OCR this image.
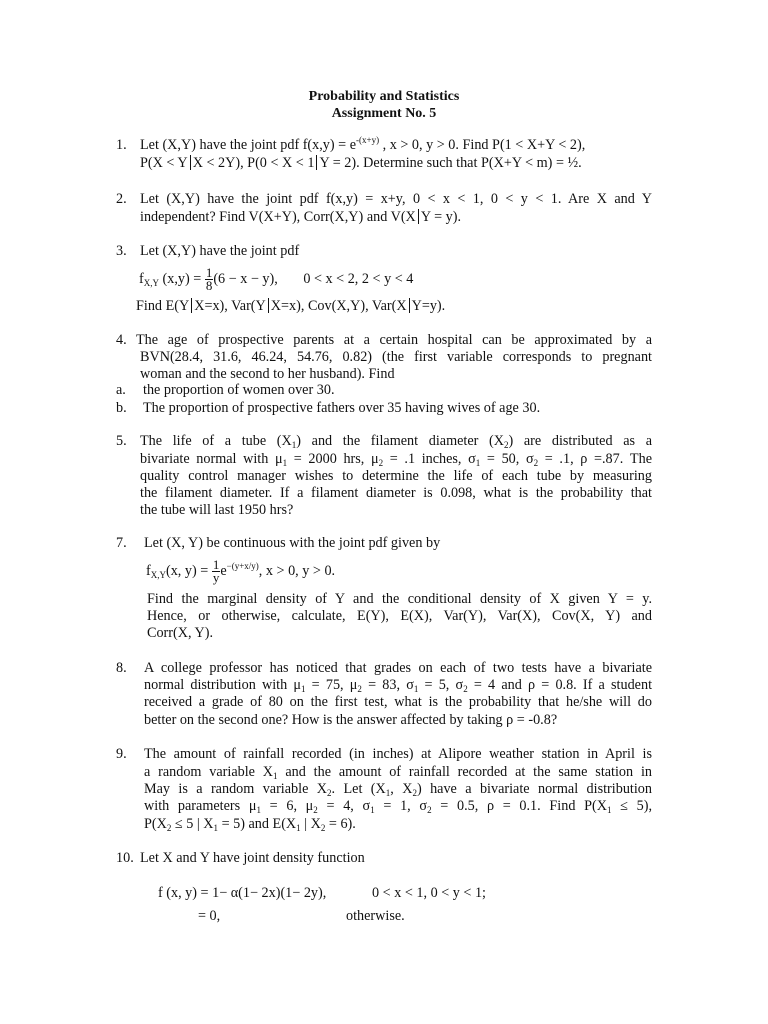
Probability and Statistics
Assignment No. 5
1. Let (X,Y) have the joint pdf $f(x,y) = e^{-(x+y)}$ , x > 0, y > 0. Find P(1 < X+Y < 2),
P(X < Y X < 2Y), P(0 < X < 1 Y = 2). Determine such that P(X+Y < m) = ½.
2. Let (X,Y) have the joint pdf f(x,y) = x+y, 0 < x < 1, 0 < y < 1. Are X and Y
independent? Find V(X+Y), Corr(X,Y) and V(X Y = y).
3. Let (X,Y) have the joint pdf
$f_{X,Y}$ $(x,y) = \frac{1}{8} (6 - x - y)$, 0 < x < 2, 2 < y < 4
Find E(Y X=x), Var(Y X=x), Cov(X,Y), Var(X Y=y).
4. The age of prospective parents at a certain hospital can be approximated by a
BVN(28.4, 31.6, 46.24, 54.76, 0.82) (the first variable corresponds to pregnant
woman and the second to her husband). Find
a. the proportion of women over 30.
b. The proportion of prospective fathers over 35 having wives of age 30.
5. The life of a tube $(X_1)$ and the filament diameter $(X_2)$ are distributed as a
bivariate normal with $\mu_1 = 2000$ hrs, $\mu_2 = .1$ inches, $\sigma_1 = 50$, $\sigma_2 = .1$, ρ =.87. The
quality control manager wishes to determine the life of each tube by measuring
the filament diameter. If a filament diameter is 0.098, what is the probability that
the tube will last 1950 hrs?
7. Let (X, Y) be continuous with the joint pdf given by
$f_{X,Y}(x$, $y) = \frac{1}{y} e^{-(y+x/y)}$, x > 0, y > 0.
Find the marginal density of Y and the conditional density of X given Y = y.
Hence, or otherwise, calculate, E(Y), E(X), Var(Y), Var(X), Cov(X, Y) and
Corr(X, Y).
8. A college professor has noticed that grades on each of two tests have a bivariate
normal distribution with $\mu_1 = 75$, $\mu_2 = 83$, $\sigma_1 = 5$, $\sigma_2 = 4$ and ρ = 0.8. If a student
received a grade of 80 on the first test, what is the probability that he/she will do
better on the second one? How is the answer affected by taking ρ = -0.8?
9. The amount of rainfall recorded (in inches) at Alipore weather station in April is
a random variable $X_1$ and the amount of rainfall recorded at the same station in
May is a random variable $X_2$. Let ($X_1$, $X_2$) have a bivariate normal distribution
with parameters $\mu_1 = 6$, $\mu_2 = 4$, $\sigma_1 = 1$, $\sigma_2 = 0.5$, ρ = 0.1. Find $P(X_1 \le 5)$,
$P(X_2 \le 5$ | $X_1 = 5$) and $E(X_1$ | $X_2 = 6$).
10. Let X and Y have joint density function
f (x, y) = 1− α(1− 2x)(1− 2y),	0 < x < 1, 0 < y < 1;
= 0,	otherwise.
